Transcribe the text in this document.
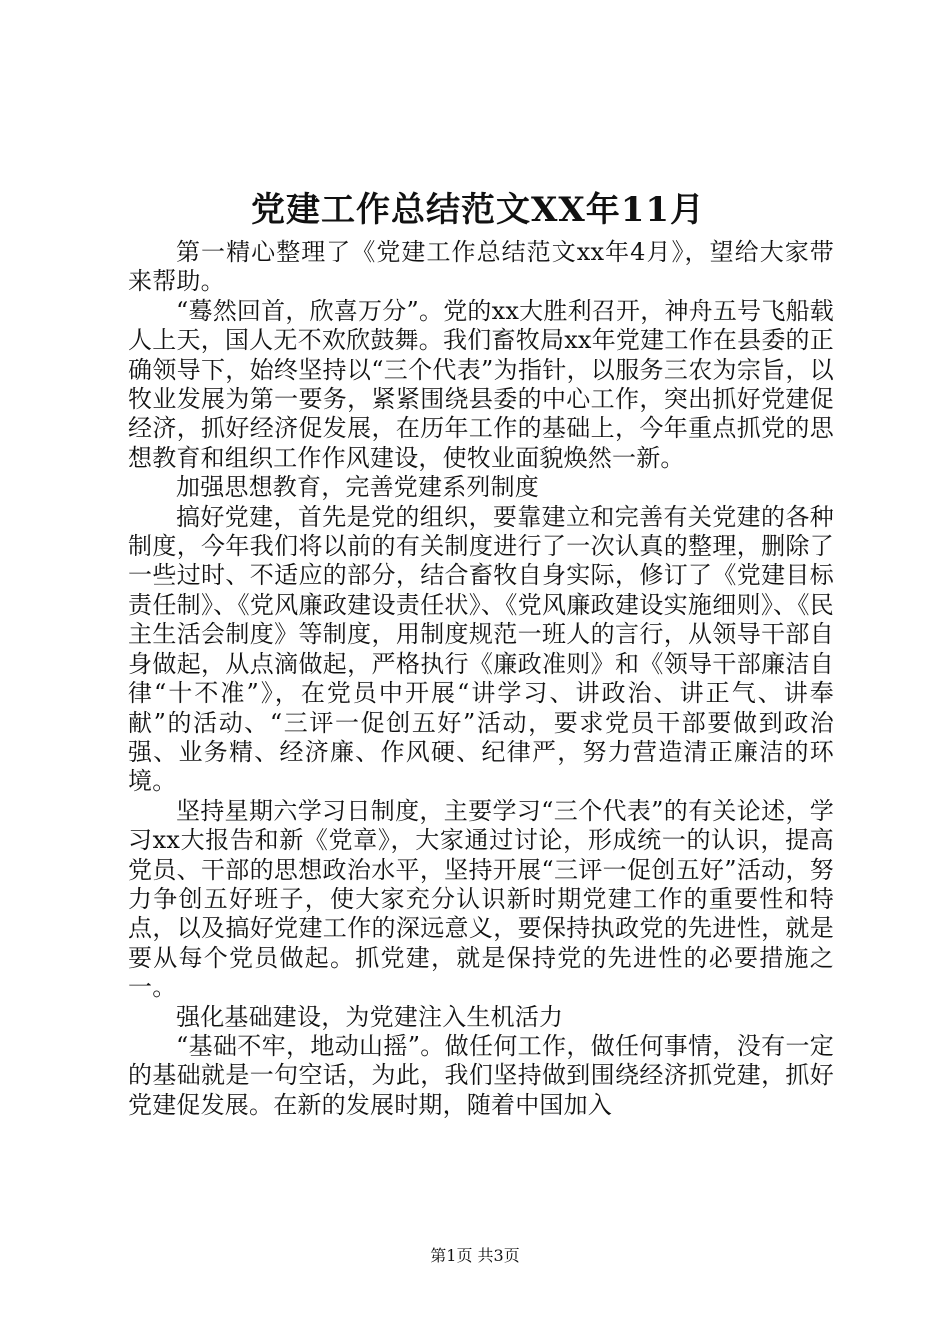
党建工作总结范文XX年11月

第一精心整理了《党建工作总结范文xx年4月》，望给大家带来帮助。

“蓦然回首，欣喜万分”。党的xx大胜利召开，神舟五号飞船载人上天，国人无不欢欣鼓舞。我们畜牧局xx年党建工作在县委的正确领导下，始终坚持以“三个代表”为指针，以服务三农为宗旨，以牧业发展为第一要务，紧紧围绕县委的中心工作，突出抓好党建促经济，抓好经济促发展，在历年工作的基础上，今年重点抓党的思想教育和组织工作作风建设，使牧业面貌焕然一新。

加强思想教育，完善党建系列制度

搞好党建，首先是党的组织，要靠建立和完善有关党建的各种制度，今年我们将以前的有关制度进行了一次认真的整理，删除了一些过时、不适应的部分，结合畜牧自身实际，修订了《党建目标责任制》、《党风廉政建设责任状》、《党风廉政建设实施细则》、《民主生活会制度》等制度，用制度规范一班人的言行，从领导干部自身做起，从点滴做起，严格执行《廉政准则》和《领导干部廉洁自律“十不准”》，在党员中开展“讲学习、讲政治、讲正气、讲奉献”的活动、“三评一促创五好”活动，要求党员干部要做到政治强、业务精、经济廉、作风硬、纪律严，努力营造清正廉洁的环境。

坚持星期六学习日制度，主要学习“三个代表”的有关论述，学习xx大报告和新《党章》，大家通过讨论，形成统一的认识，提高党员、干部的思想政治水平，坚持开展“三评一促创五好”活动，努力争创五好班子，使大家充分认识新时期党建工作的重要性和特点，以及搞好党建工作的深远意义，要保持执政党的先进性，就是要从每个党员做起。抓党建，就是保持党的先进性的必要措施之一。

强化基础建设，为党建注入生机活力

“基础不牢，地动山摇”。做任何工作，做任何事情，没有一定的基础就是一句空话，为此，我们坚持做到围绕经济抓党建，抓好党建促发展。在新的发展时期，随着中国加入

第1页 共3页
